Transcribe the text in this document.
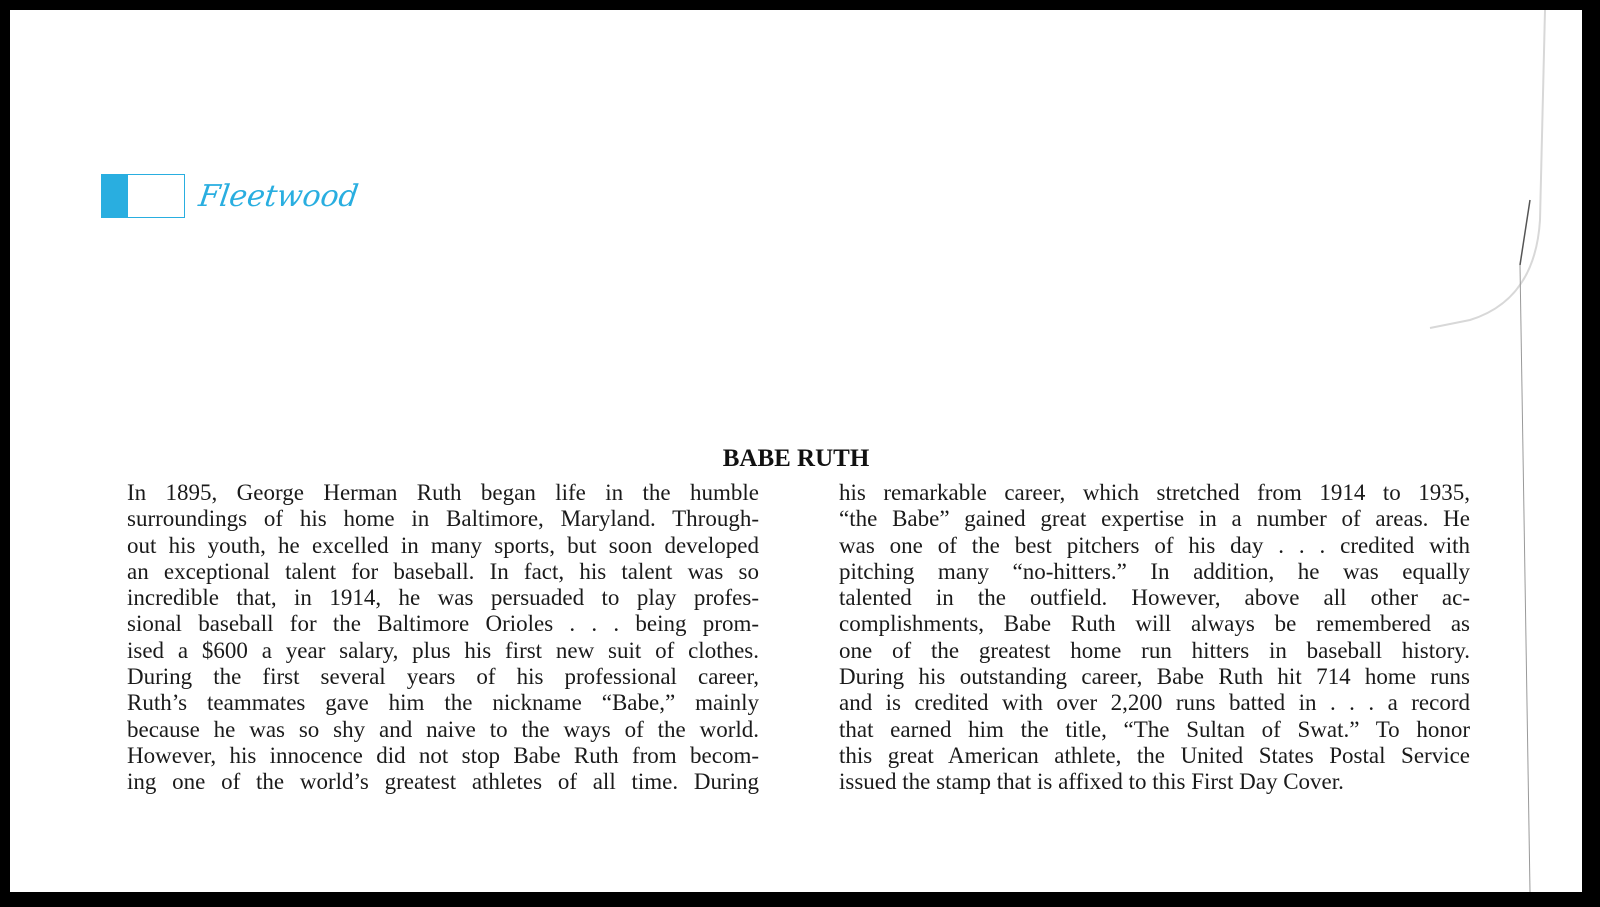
Fleetwood
BABE RUTH
In 1895, George Herman Ruth began life in the humble
surroundings of his home in Baltimore, Maryland. Through-
out his youth, he excelled in many sports, but soon developed
an exceptional talent for baseball. In fact, his talent was so
incredible that, in 1914, he was persuaded to play profes-
sional baseball for the Baltimore Orioles . . . being prom-
ised a $600 a year salary, plus his first new suit of clothes.
During the first several years of his professional career,
Ruth’s teammates gave him the nickname “Babe,” mainly
because he was so shy and naive to the ways of the world.
However, his innocence did not stop Babe Ruth from becom-
ing one of the world’s greatest athletes of all time. During
his remarkable career, which stretched from 1914 to 1935,
“the Babe” gained great expertise in a number of areas. He
was one of the best pitchers of his day . . . credited with
pitching many “no-hitters.” In addition, he was equally
talented in the outfield. However, above all other ac-
complishments, Babe Ruth will always be remembered as
one of the greatest home run hitters in baseball history.
During his outstanding career, Babe Ruth hit 714 home runs
and is credited with over 2,200 runs batted in . . . a record
that earned him the title, “The Sultan of Swat.” To honor
this great American athlete, the United States Postal Service
issued the stamp that is affixed to this First Day Cover.
